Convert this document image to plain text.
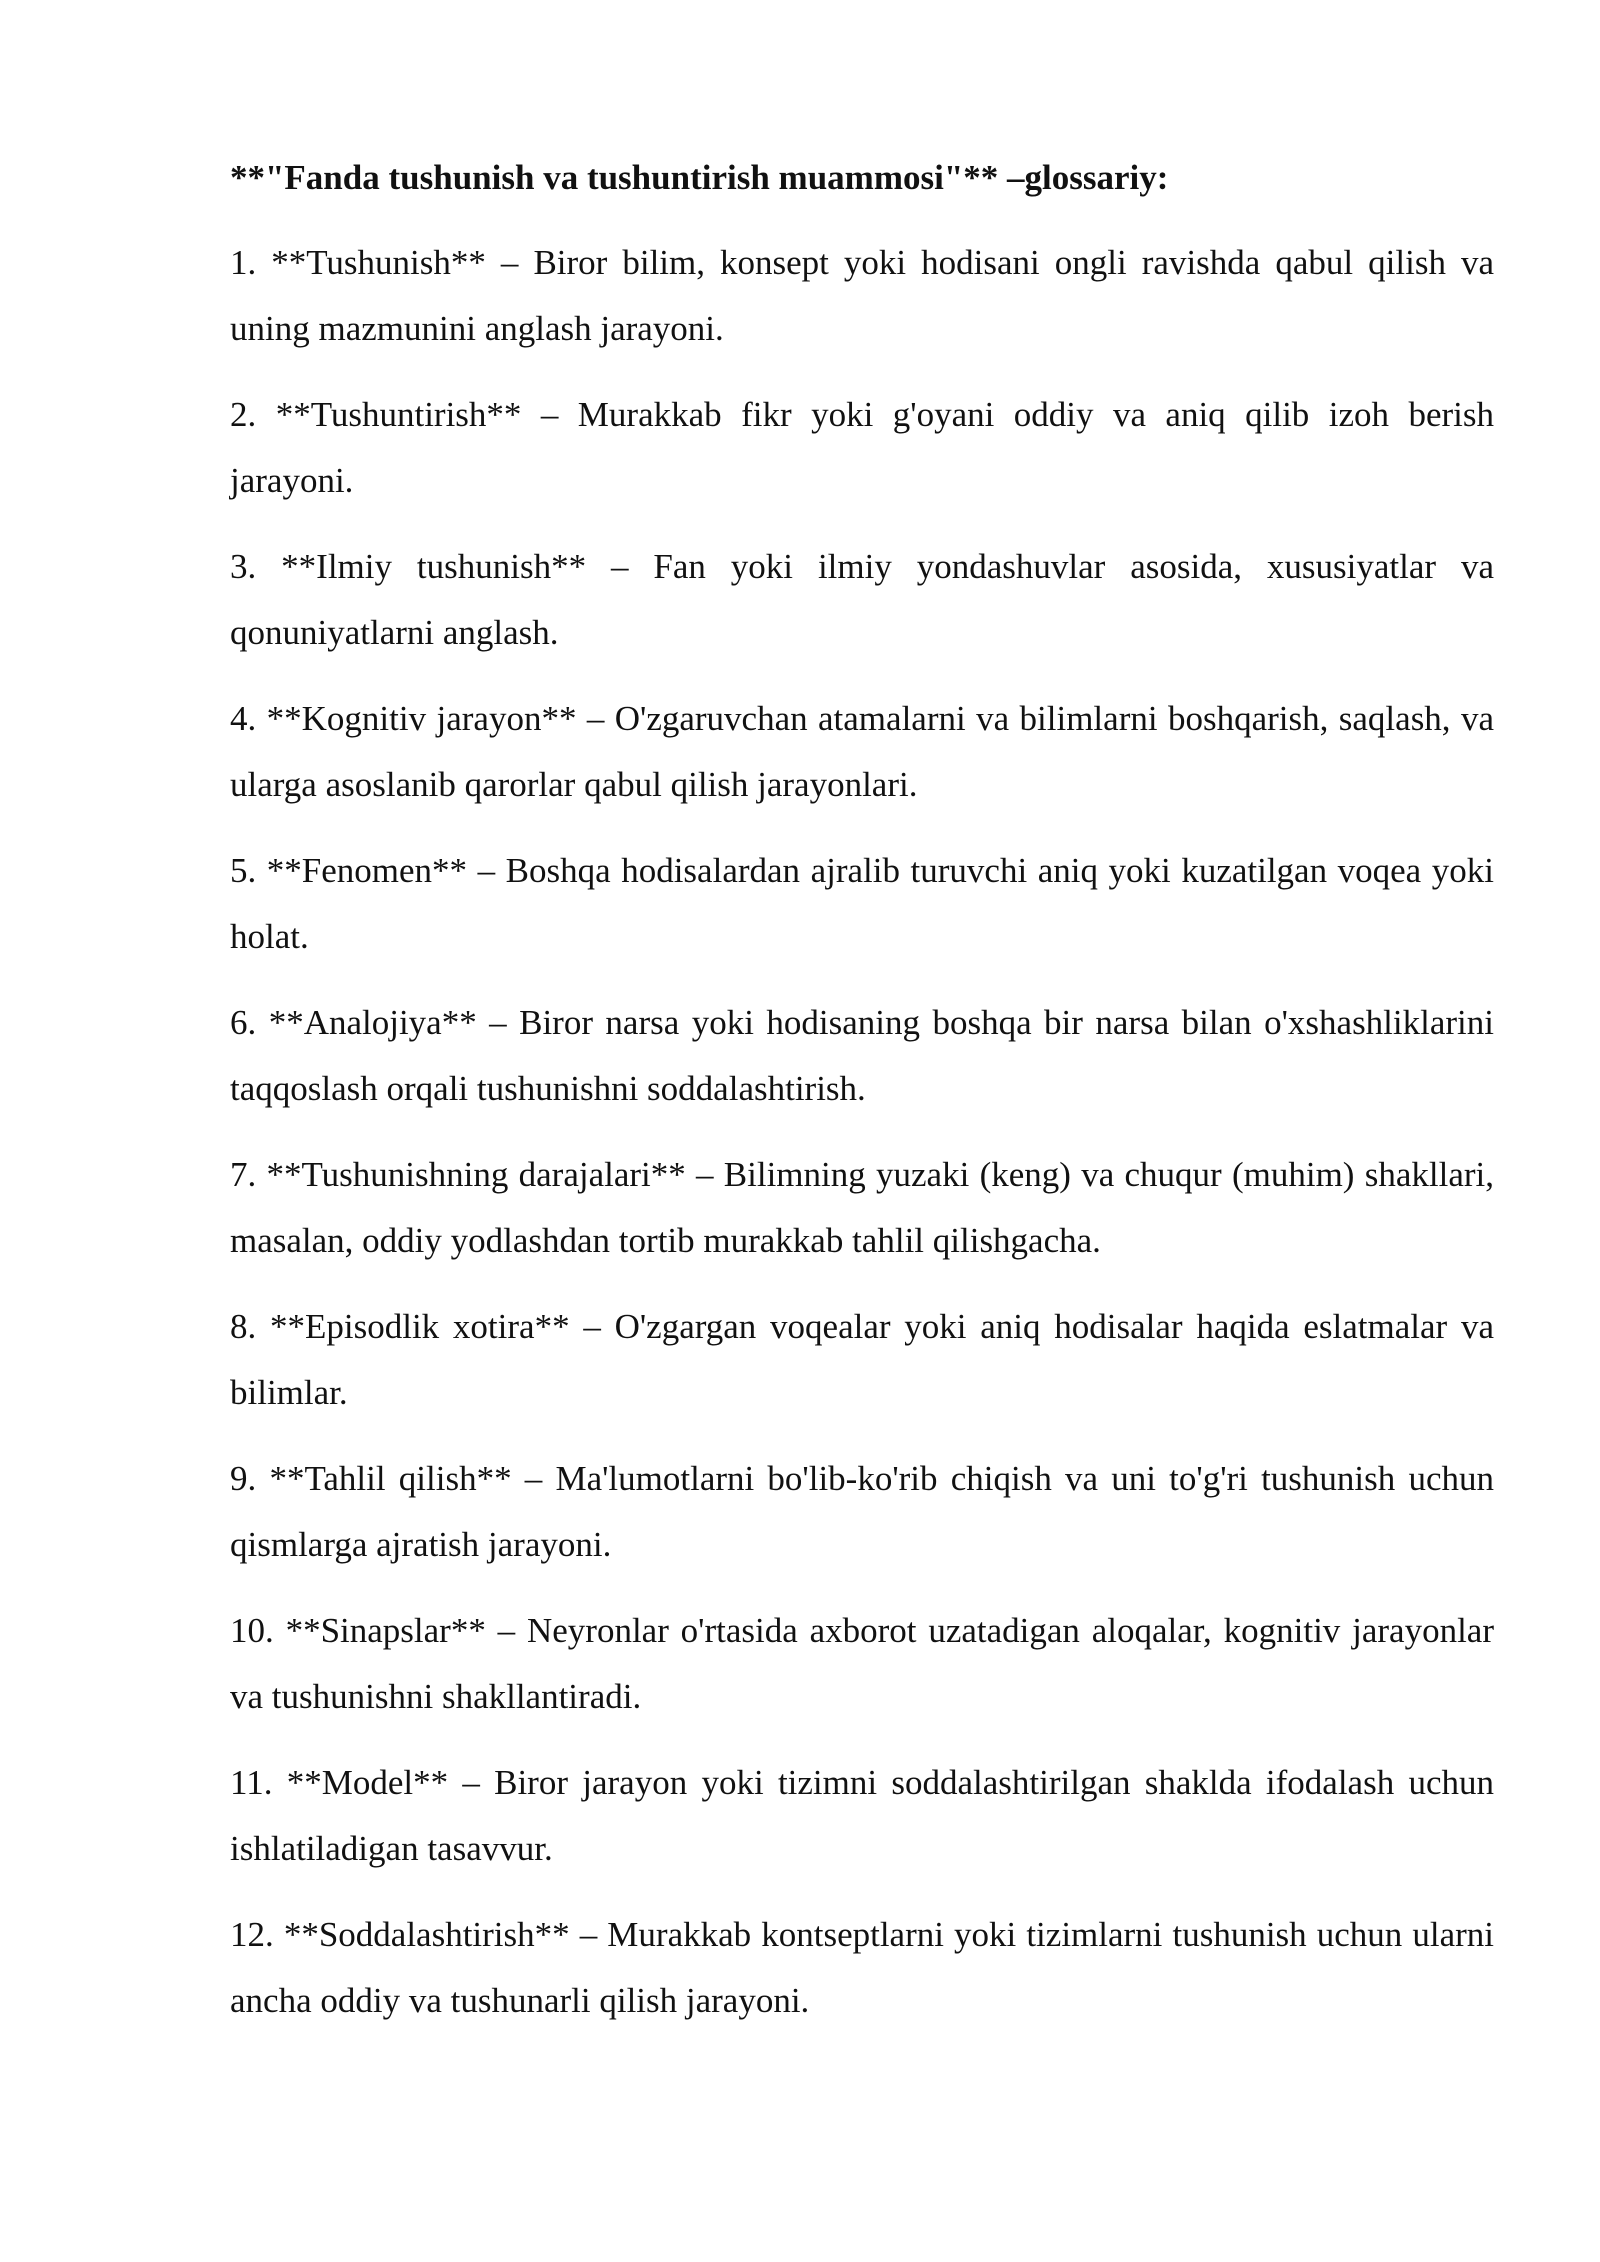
**"Fanda tushunish va tushuntirish muammosi"** –glossariy:

1. **Tushunish** – Biror bilim, konsept yoki hodisani ongli ravishda qabul qilish va uning mazmunini anglash jarayoni.

2. **Tushuntirish** – Murakkab fikr yoki g'oyani oddiy va aniq qilib izoh berish jarayoni.

3. **Ilmiy tushunish** – Fan yoki ilmiy yondashuvlar asosida, xususiyatlar va qonuniyatlarni anglash.

4. **Kognitiv jarayon** – O'zgaruvchan atamalarni va bilimlarni boshqarish, saqlash, va ularga asoslanib qarorlar qabul qilish jarayonlari.

5. **Fenomen** – Boshqa hodisalardan ajralib turuvchi aniq yoki kuzatilgan voqea yoki holat.

6. **Analojiya** – Biror narsa yoki hodisaning boshqa bir narsa bilan o'xshashliklarini taqqoslash orqali tushunishni soddalashtirish.

7. **Tushunishning darajalari** – Bilimning yuzaki (keng) va chuqur (muhim) shakllari, masalan, oddiy yodlashdan tortib murakkab tahlil qilishgacha.

8. **Episodlik xotira** – O'zgargan voqealar yoki aniq hodisalar haqida eslatmalar va bilimlar.

9. **Tahlil qilish** – Ma'lumotlarni bo'lib-ko'rib chiqish va uni to'g'ri tushunish uchun qismlarga ajratish jarayoni.

10. **Sinapslar** – Neyronlar o'rtasida axborot uzatadigan aloqalar, kognitiv jarayonlar va tushunishni shakllantiradi.

11. **Model** – Biror jarayon yoki tizimni soddalashtirilgan shaklda ifodalash uchun ishlatiladigan tasavvur.

12. **Soddalashtirish** – Murakkab kontseptlarni yoki tizimlarni tushunish uchun ularni ancha oddiy va tushunarli qilish jarayoni.
